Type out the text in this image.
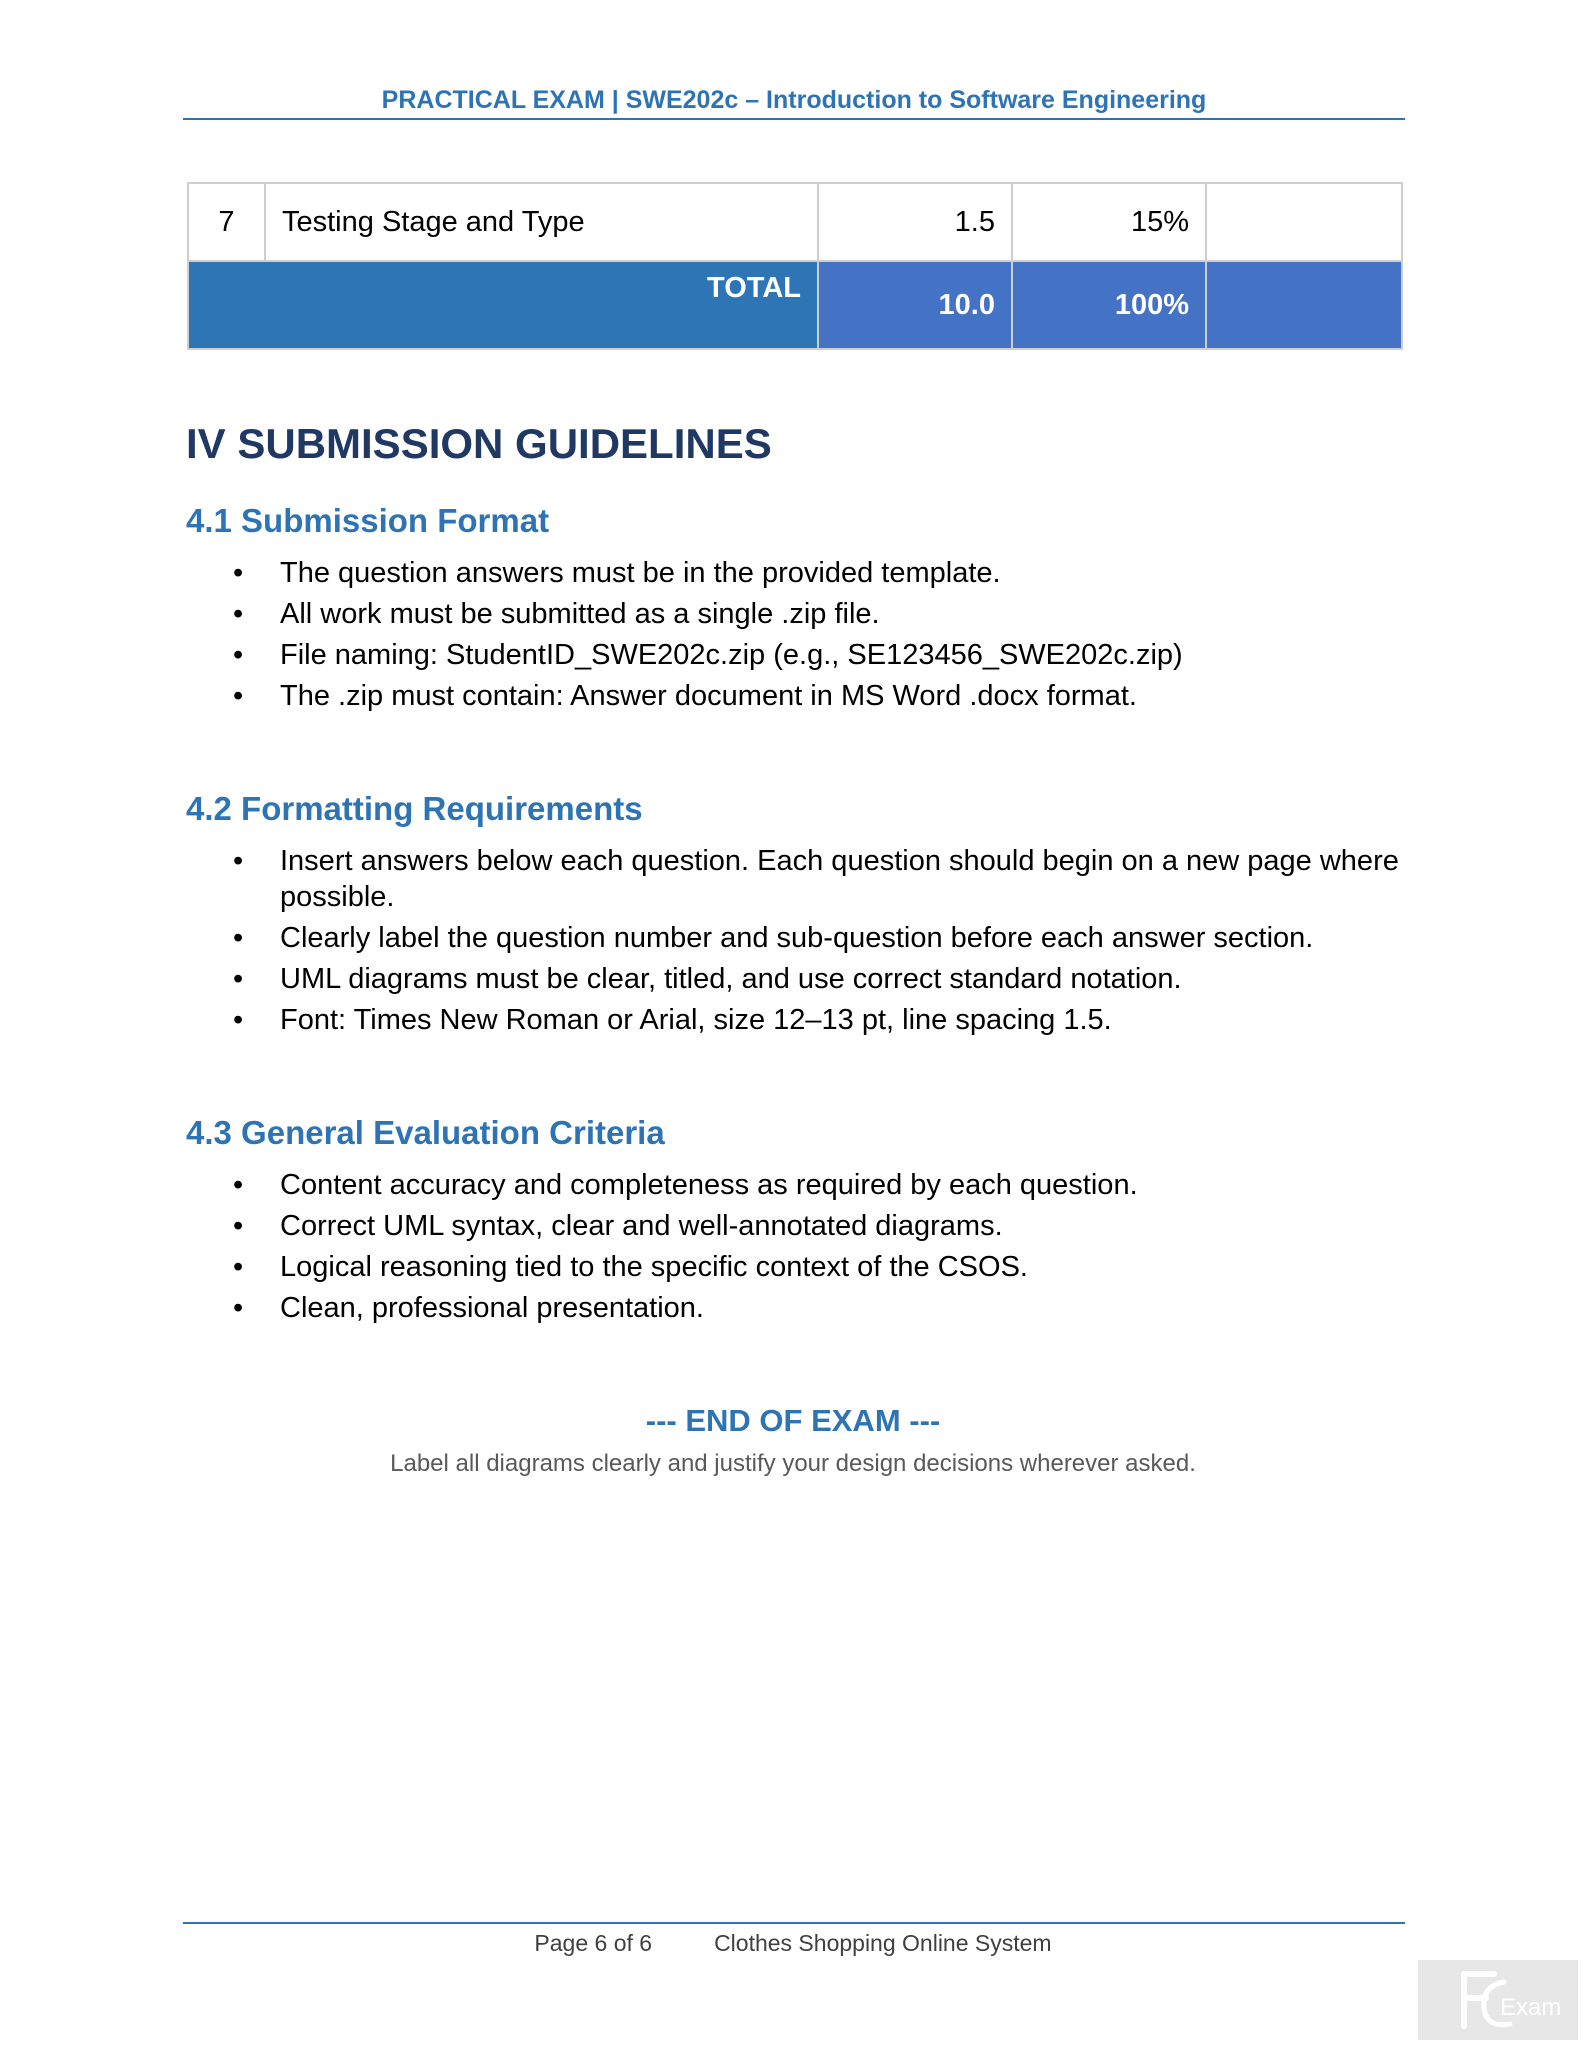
PRACTICAL EXAM | SWE202c – Introduction to Software Engineering
7	Testing Stage and Type	1.5	15%	
TOTAL		10.0	100%	
IV SUBMISSION GUIDELINES
4.1 Submission Format
• The question answers must be in the provided template.
• All work must be submitted as a single .zip file.
• File naming: StudentID_SWE202c.zip (e.g., SE123456_SWE202c.zip)
• The .zip must contain: Answer document in MS Word .docx format.
4.2 Formatting Requirements
• Insert answers below each question. Each question should begin on a new page where possible.
• Clearly label the question number and sub-question before each answer section.
• UML diagrams must be clear, titled, and use correct standard notation.
• Font: Times New Roman or Arial, size 12–13 pt, line spacing 1.5.
4.3 General Evaluation Criteria
• Content accuracy and completeness as required by each question.
• Correct UML syntax, clear and well-annotated diagrams.
• Logical reasoning tied to the specific context of the CSOS.
• Clean, professional presentation.
--- END OF EXAM ---
Label all diagrams clearly and justify your design decisions wherever asked.
Page 6 of 6	Clothes Shopping Online System
Exam
